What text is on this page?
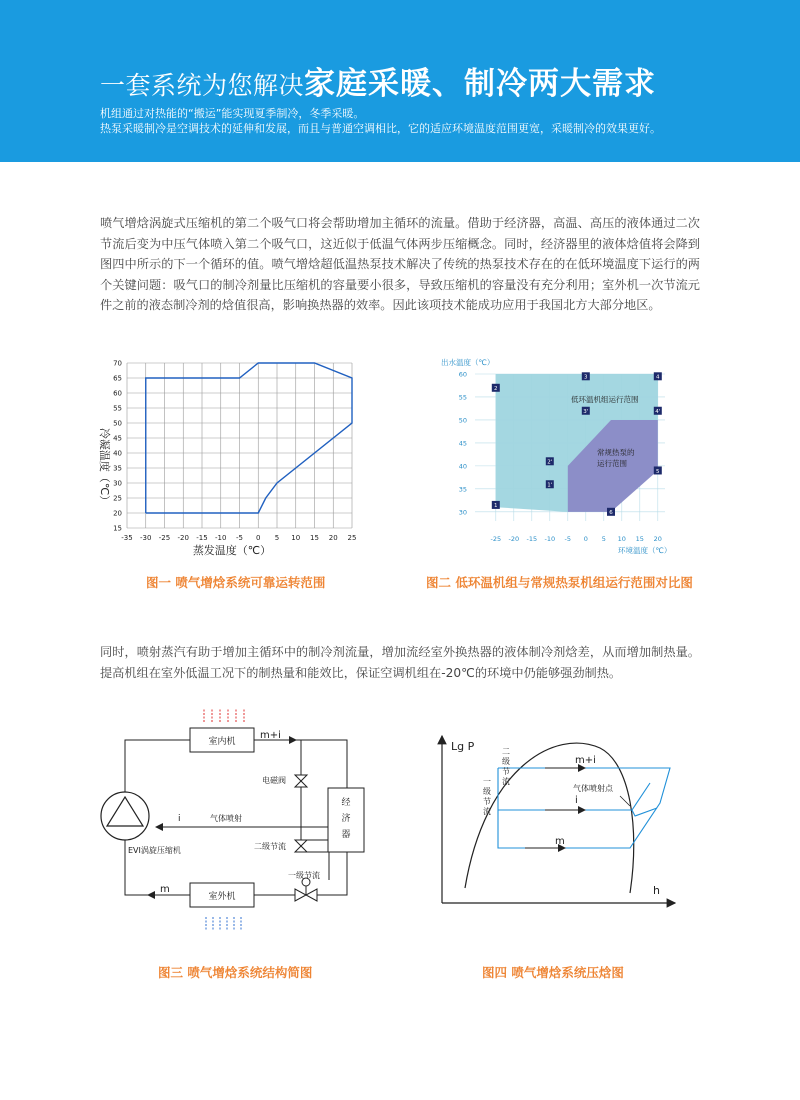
一套系统为您解决家庭采暖、制冷两大需求
机组通过对热能的“搬运”能实现夏季制冷，冬季采暖。
热泵采暖制冷是空调技术的延伸和发展，而且与普通空调相比，它的适应环境温度范围更宽，采暖制冷的效果更好。

喷气增焓涡旋式压缩机的第二个吸气口将会帮助增加主循环的流量。借助于经济器，高温、高压的液体通过二次节流后变为中压气体喷入第二个吸气口，这近似于低温气体两步压缩概念。同时，经济器里的液体焓值将会降到图四中所示的下一个循环的值。喷气增焓超低温热泵技术解决了传统的热泵技术存在的在低环境温度下运行的两个关键问题：吸气口的制冷剂量比压缩机的容量要小很多，导致压缩机的容量没有充分利用；室外机一次节流元件之前的液态制冷剂的焓值很高，影响换热器的效率。因此该项技术能成功应用于我国北方大部分地区。

-35 -30 -25 -20 -15 -10 -5 0 5 10 15 20 25
15
20
25
30
35
40
45
50
55
60
65
70
冷凝温度（℃）
蒸发温度（℃）
-25 -20 -15 -10 -5 0 5 10 15 20
30
35
40
45
50
55
60
1
2
3	4
1'
2'
3'	4'
5
6
低环温机组运行范围
常规热泵的
运行范围
出水温度（℃）
环境温度（℃）
图一 喷气增焓系统可靠运转范围	图二 低环温机组与常规热泵机组运行范围对比图

同时，喷射蒸汽有助于增加主循环中的制冷剂流量，增加流经室外换热器的液体制冷剂焓差，从而增加制热量。提高机组在室外低温工况下的制热量和能效比，保证空调机组在-20℃的环境中仍能够强劲制热。

室内机
室外机
经
济
器
m+i
电磁阀
气体喷射
i
二级节流
一级节流
EVI涡旋压缩机
m
Lg P
h
m+i
i
m
气体喷射点
二
级
节
流
一
级
节
流
图三 喷气增焓系统结构简图	图四 喷气增焓系统压焓图
